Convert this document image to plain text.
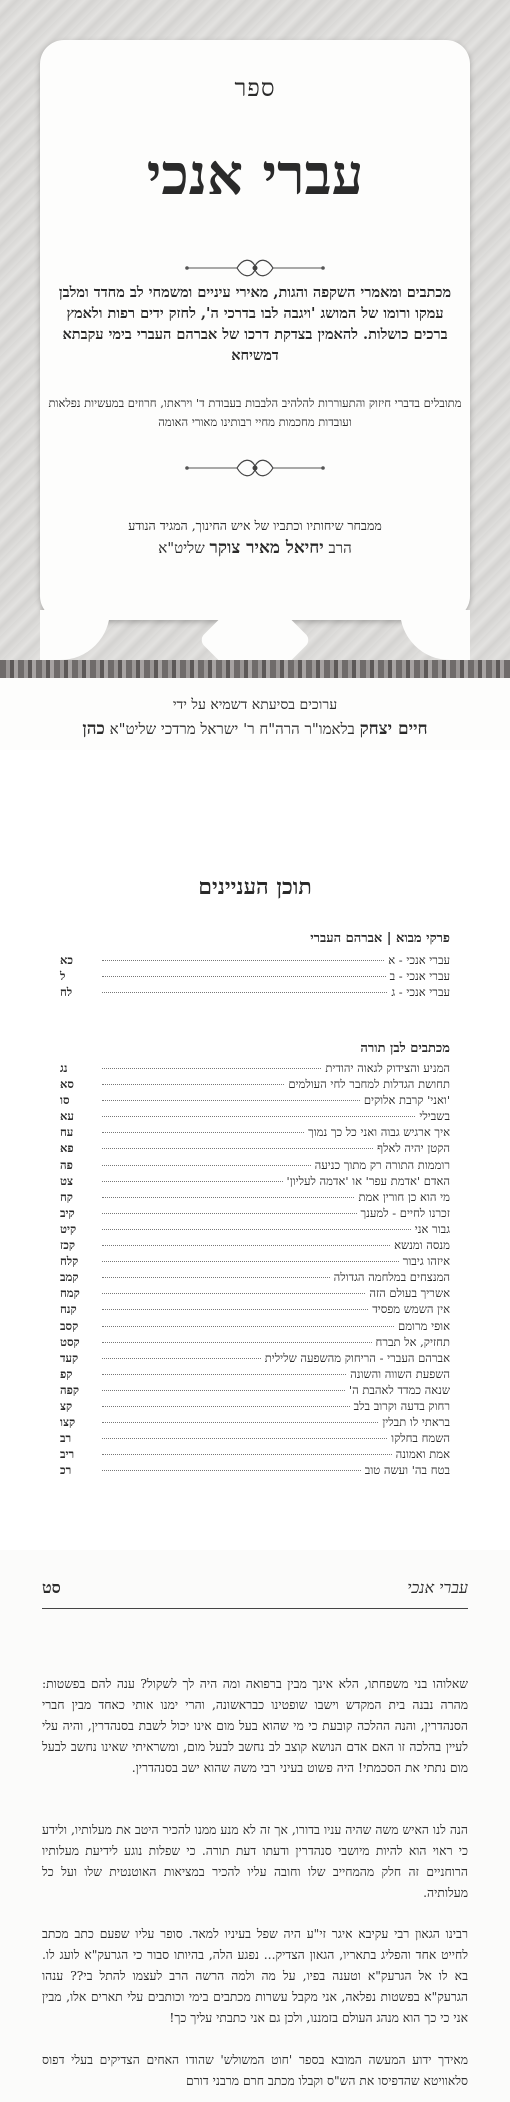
ספר
עברי אנכי
מכתבים ומאמרי השקפה והגות, מאירי עיניים ומשמחי לב מחדד ומלבן עמקו ורומו של המושג 'ויגבה לבו בדרכי ה', לחזק ידים רפות ולאמץ ברכים כושלות. להאמין בצדקת דרכו של אברהם העברי בימי עקבתא דמשיחא
מתובלים בדברי חיזוק והתעוררות להלהיב הלבבות בעבודת ד' ויראתו, חרוזים במעשיות נפלאות ועובדות מחכמות מחיי רבותינו מאורי האומה
ממבחר שיחותיו וכתביו של איש החינוך, המגיד הנודע
הרב יחיאל מאיר צוקר שליט"א
ערוכים בסיעתא דשמיא על ידי
חיים יצחק בלאמו"ר הרה"ח ר' ישראל מרדכי שליט"א כהן
תוכן העניינים
פרקי מבוא | אברהם העברי
עברי אנכי - א
כא
עברי אנכי - ב
ל
עברי אנכי - ג
לח
מכתבים לבן תורה
המניע והצידוק לגאוה יהודית
נג
תחושת הגדלות למחבר לחי העולמים
סא
'ואני' קרבת אלוקים
סו
בשבילי
עא
איך ארגיש גבוה ואני כל כך נמוך
עח
הקטן יהיה לאלף
פא
רוממות התורה רק מתוך כניעה
פה
האדם 'אדמת עפר' או 'אדמה לעליון'
צט
מי הוא כן חורין אמת
קח
זכרנו לחיים - למענך
קיב
גבור אני
קיט
מנסה ומנשא
קכז
איזהו גיבור
קלח
המנצחים במלחמה הגדולה
קמב
אשריך בעולם הזה
קמח
אין השמש מפסיד
קנח
אופי מרומם
קסב
תחזיק, אל תברח
קסט
אברהם העברי - הריחוק מהשפעה שלילית
קעד
השפעת השווה והשונה
קפ
שנאה כמדד לאהבת ה'
קפה
רחוק בדעה וקרוב בלב
קצ
בראתי לו תבלין
קצו
השמח בחלקו
רב
אמת ואמונה
ריב
בטח בה' ועשה טוב
רכ
עברי אנכי
סט

שאלוהו בני משפחתו, הלא אינך מבין ברפואה ומה היה לך לשקול? ענה להם בפשטות: מהרה נבנה בית המקדש וישבו שופטינו כבראשונה, והרי ימנו אותי כאחד מבין חברי הסנהדרין, והנה ההלכה קובעת כי מי שהוא בעל מום אינו יכול לשבת בסנהדרין, והיה עלי לעיין בהלכה זו האם אדם הנושא קוצב לב נחשב לבעל מום, ומשראיתי שאינו נחשב לבעל מום נתתי את הסכמתי! היה פשוט בעיני רבי משה שהוא ישב בסנהדרין.

הנה לנו האיש משה שהיה עניו בדורו, אך זה לא מנע ממנו להכיר היטב את מעלותיו, ולידע כי ראוי הוא להיות מיושבי סנהדרין ודעתו דעת תורה. כי שפלות נוגע לידיעת מעלותיו הרוחניים זה חלק מהמחייב שלו וחובה עליו להכיר במציאות האוטנטית שלו ועל כל מעלותיה.

רבינו הגאון רבי עקיבא איגר זי"ע היה שפל בעיניו למאד. סופר עליו שפעם כתב מכתב לחייט אחד והפליג בתאריו, הגאון הצדיק... נפגע הלה, בהיותו סבור כי הגרעק"א לועג לו. בא לו אל הגרעק"א וטענה בפיו, על מה ולמה הרשה הרב לעצמו להתל בי?? ענהו הגרעק"א בפשטות נפלאה, אני מקבל עשרות מכתבים בימי וכותבים עלי תארים אלו, מבין אני כי כך הוא מנהג העולם בזמננו, ולכן גם אני כתבתי עליך כך!

מאידך ידוע המעשה המובא בספר 'חוט המשולש' שהודו האחים הצדיקים בעלי דפוס סלאוויטא שהדפיסו את הש"ס וקבלו מכתב חרם מרבני דורם
